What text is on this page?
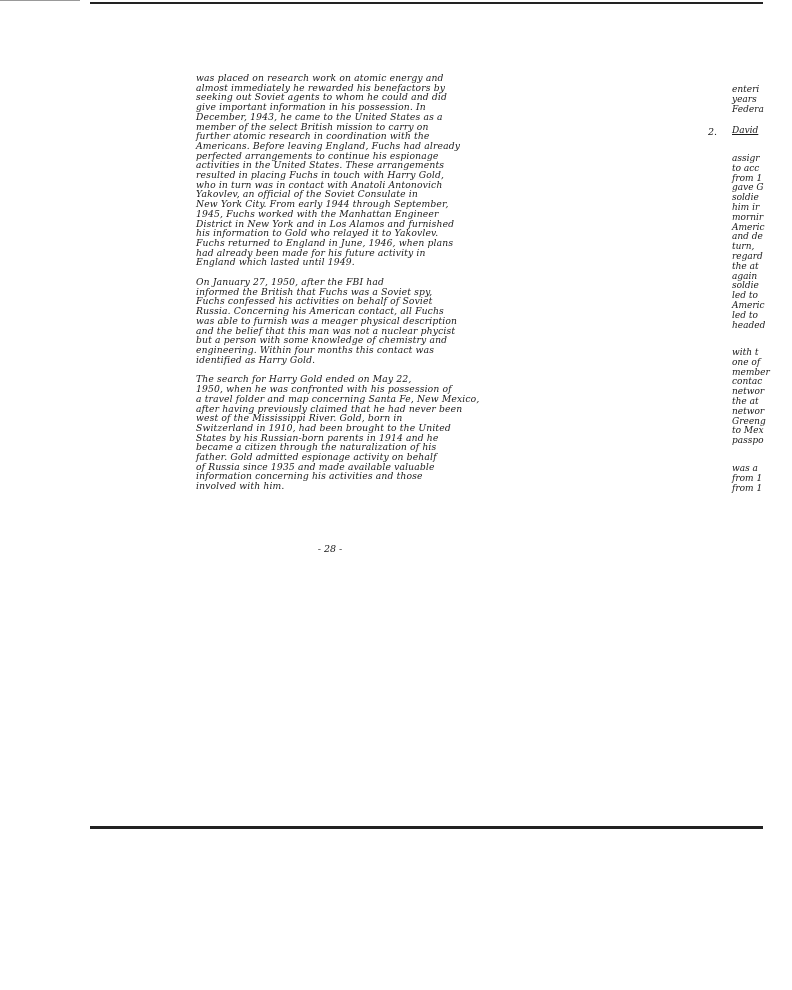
was placed on research work on atomic energy and
almost immediately he rewarded his benefactors by
seeking out Soviet agents to whom he could and did
give important information in his possession. In
December, 1943, he came to the United States as a
member of the select British mission to carry on
further atomic research in coordination with the
Americans. Before leaving England, Fuchs had already
perfected arrangements to continue his espionage
activities in the United States. These arrangements
resulted in placing Fuchs in touch with Harry Gold,
who in turn was in contact with Anatoli Antonovich
Yakovlev, an official of the Soviet Consulate in
New York City. From early 1944 through September,
1945, Fuchs worked with the Manhattan Engineer
District in New York and in Los Alamos and furnished
his information to Gold who relayed it to Yakovlev.
Fuchs returned to England in June, 1946, when plans
had already been made for his future activity in
England which lasted until 1949.

On January 27, 1950, after the FBI had
informed the British that Fuchs was a Soviet spy,
Fuchs confessed his activities on behalf of Soviet
Russia. Concerning his American contact, all Fuchs
was able to furnish was a meager physical description
and the belief that this man was not a nuclear phycist
but a person with some knowledge of chemistry and
engineering. Within four months this contact was
identified as Harry Gold.

The search for Harry Gold ended on May 22,
1950, when he was confronted with his possession of
a travel folder and map concerning Santa Fe, New Mexico,
after having previously claimed that he had never been
west of the Mississippi River. Gold, born in
Switzerland in 1910, had been brought to the United
States by his Russian-born parents in 1914 and he
became a citizen through the naturalization of his
father. Gold admitted espionage activity on behalf
of Russia since 1935 and made available valuable
information concerning his activities and those
involved with him.

- 28 -
enteri
years
Federa
2. David
assigr
to acc
from 1
gave G
soldie
him ir
mornir
Americ
and de
turn,
regard
the at
again
soldie
led to
Americ
led to
headed
with t
one of
member
contac
networ
the at
networ
Greeng
to Mex
passpo
was a
from 1
from 1
